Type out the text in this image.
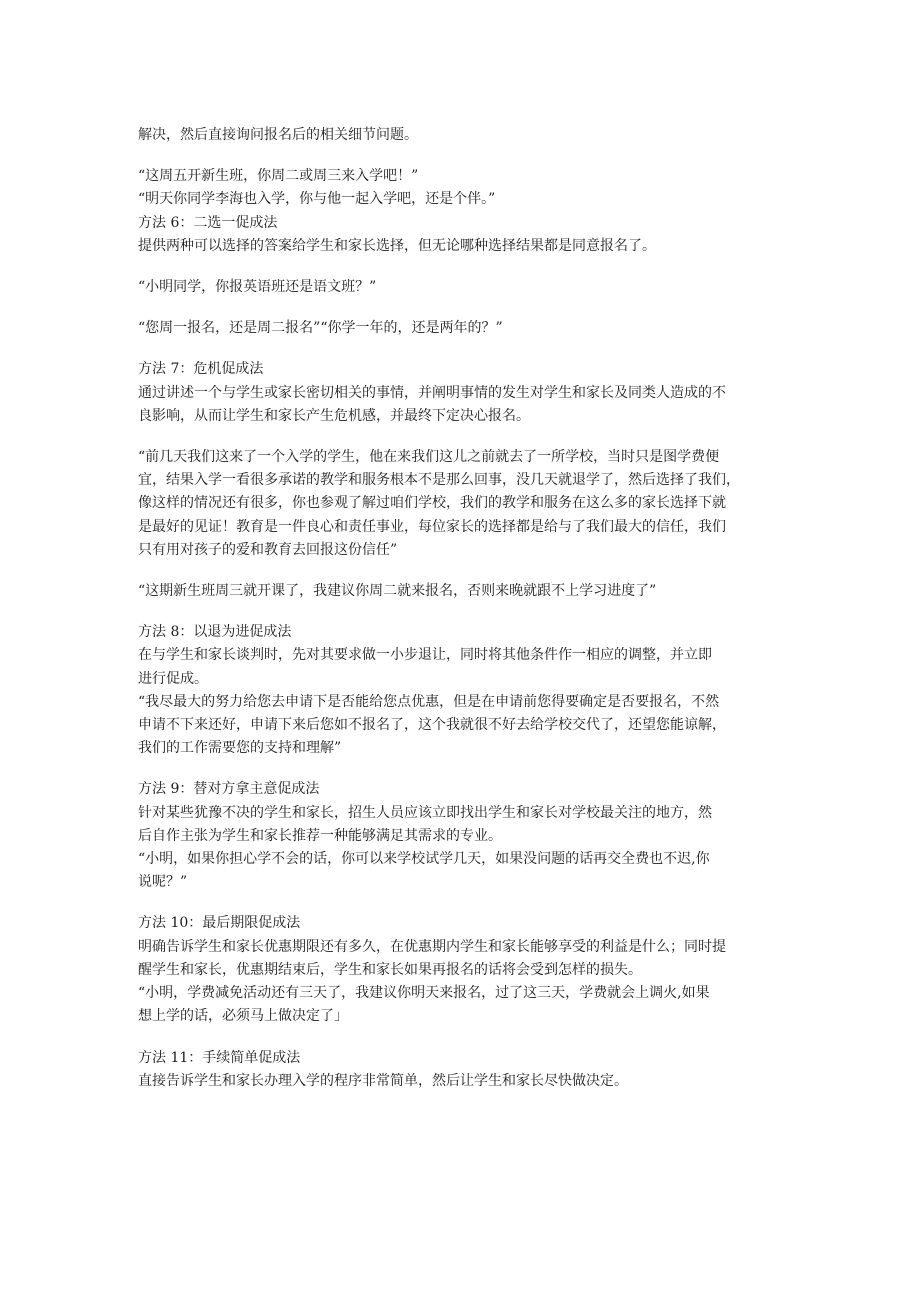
解决，然后直接询问报名后的相关细节问题。
“这周五开新生班，你周二或周三来入学吧！”
“明天你同学李海也入学，你与他一起入学吧，还是个伴。”
方法 6：二选一促成法
提供两种可以选择的答案给学生和家长选择，但无论哪种选择结果都是同意报名了。
“小明同学，你报英语班还是语文班？”
“您周一报名，还是周二报名”“你学一年的，还是两年的？”
方法 7：危机促成法
通过讲述一个与学生或家长密切相关的事情，并阐明事情的发生对学生和家长及同类人造成的不
良影响，从而让学生和家长产生危机感，并最终下定决心报名。
“前几天我们这来了一个入学的学生，他在来我们这儿之前就去了一所学校，当时只是图学费便
宜，结果入学一看很多承诺的教学和服务根本不是那么回事，没几天就退学了，然后选择了我们，
像这样的情况还有很多，你也参观了解过咱们学校，我们的教学和服务在这么多的家长选择下就
是最好的见证！教育是一件良心和责任事业，每位家长的选择都是给与了我们最大的信任，我们
只有用对孩子的爱和教育去回报这份信任”
“这期新生班周三就开课了，我建议你周二就来报名，否则来晚就跟不上学习进度了”
方法 8：以退为进促成法
在与学生和家长谈判时，先对其要求做一小步退让，同时将其他条件作一相应的调整，并立即
进行促成。
“我尽最大的努力给您去申请下是否能给您点优惠，但是在申请前您得要确定是否要报名，不然
申请不下来还好，申请下来后您如不报名了，这个我就很不好去给学校交代了，还望您能谅解，
我们的工作需要您的支持和理解”
方法 9：替对方拿主意促成法
针对某些犹豫不决的学生和家长，招生人员应该立即找出学生和家长对学校最关注的地方，然
后自作主张为学生和家长推荐一种能够满足其需求的专业。
“小明，如果你担心学不会的话，你可以来学校试学几天，如果没问题的话再交全费也不迟,你
说呢？”
方法 10：最后期限促成法
明确告诉学生和家长优惠期限还有多久，在优惠期内学生和家长能够享受的利益是什么；同时提
醒学生和家长，优惠期结束后，学生和家长如果再报名的话将会受到怎样的损失。
“小明，学费减免活动还有三天了，我建议你明天来报名，过了这三天，学费就会上调火,如果
想上学的话，必须马上做决定了」
方法 11：手续简单促成法
直接告诉学生和家长办理入学的程序非常简单，然后让学生和家长尽快做决定。
